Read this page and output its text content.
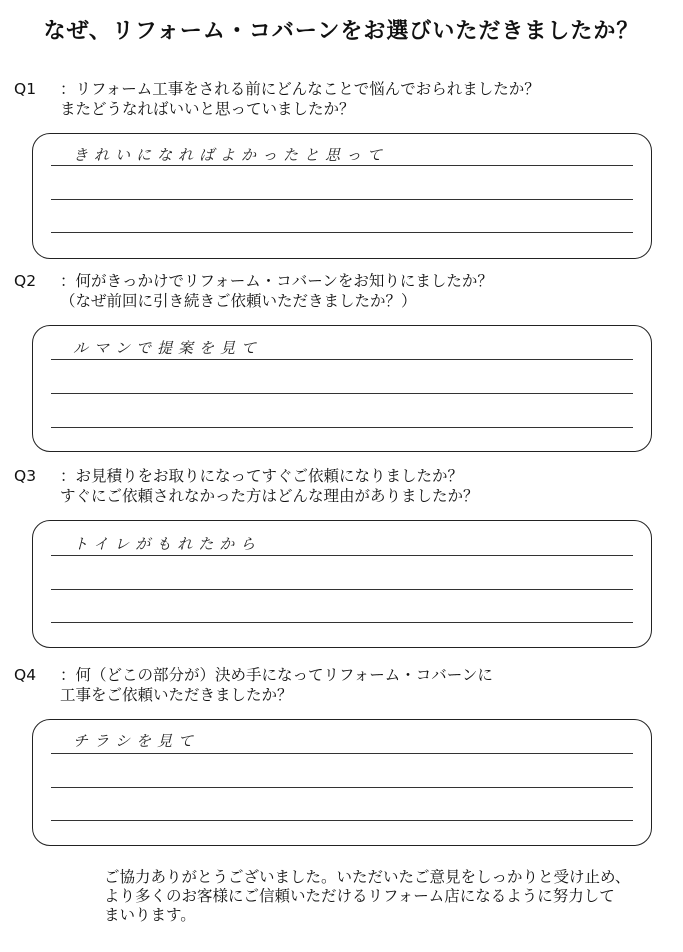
なぜ、リフォーム・コバーンをお選びいただきましたか？
Q1 ：リフォーム工事をされる前にどんなことで悩んでおられましたか？
またどうなればいいと思っていましたか？
きれいになればよかったと思って
Q2 ：何がきっかけでリフォーム・コバーンをお知りにましたか？
（なぜ前回に引き続きご依頼いただきましたか？）
ルマンで提案を見て
Q3 ：お見積りをお取りになってすぐご依頼になりましたか？
すぐにご依頼されなかった方はどんな理由がありましたか？
トイレがもれたから
Q4 ：何（どこの部分が）決め手になってリフォーム・コバーンに
工事をご依頼いただきましたか？
チラシを見て
ご協力ありがとうございました。いただいたご意見をしっかりと受け止め、
より多くのお客様にご信頼いただけるリフォーム店になるように努力して
まいります。
